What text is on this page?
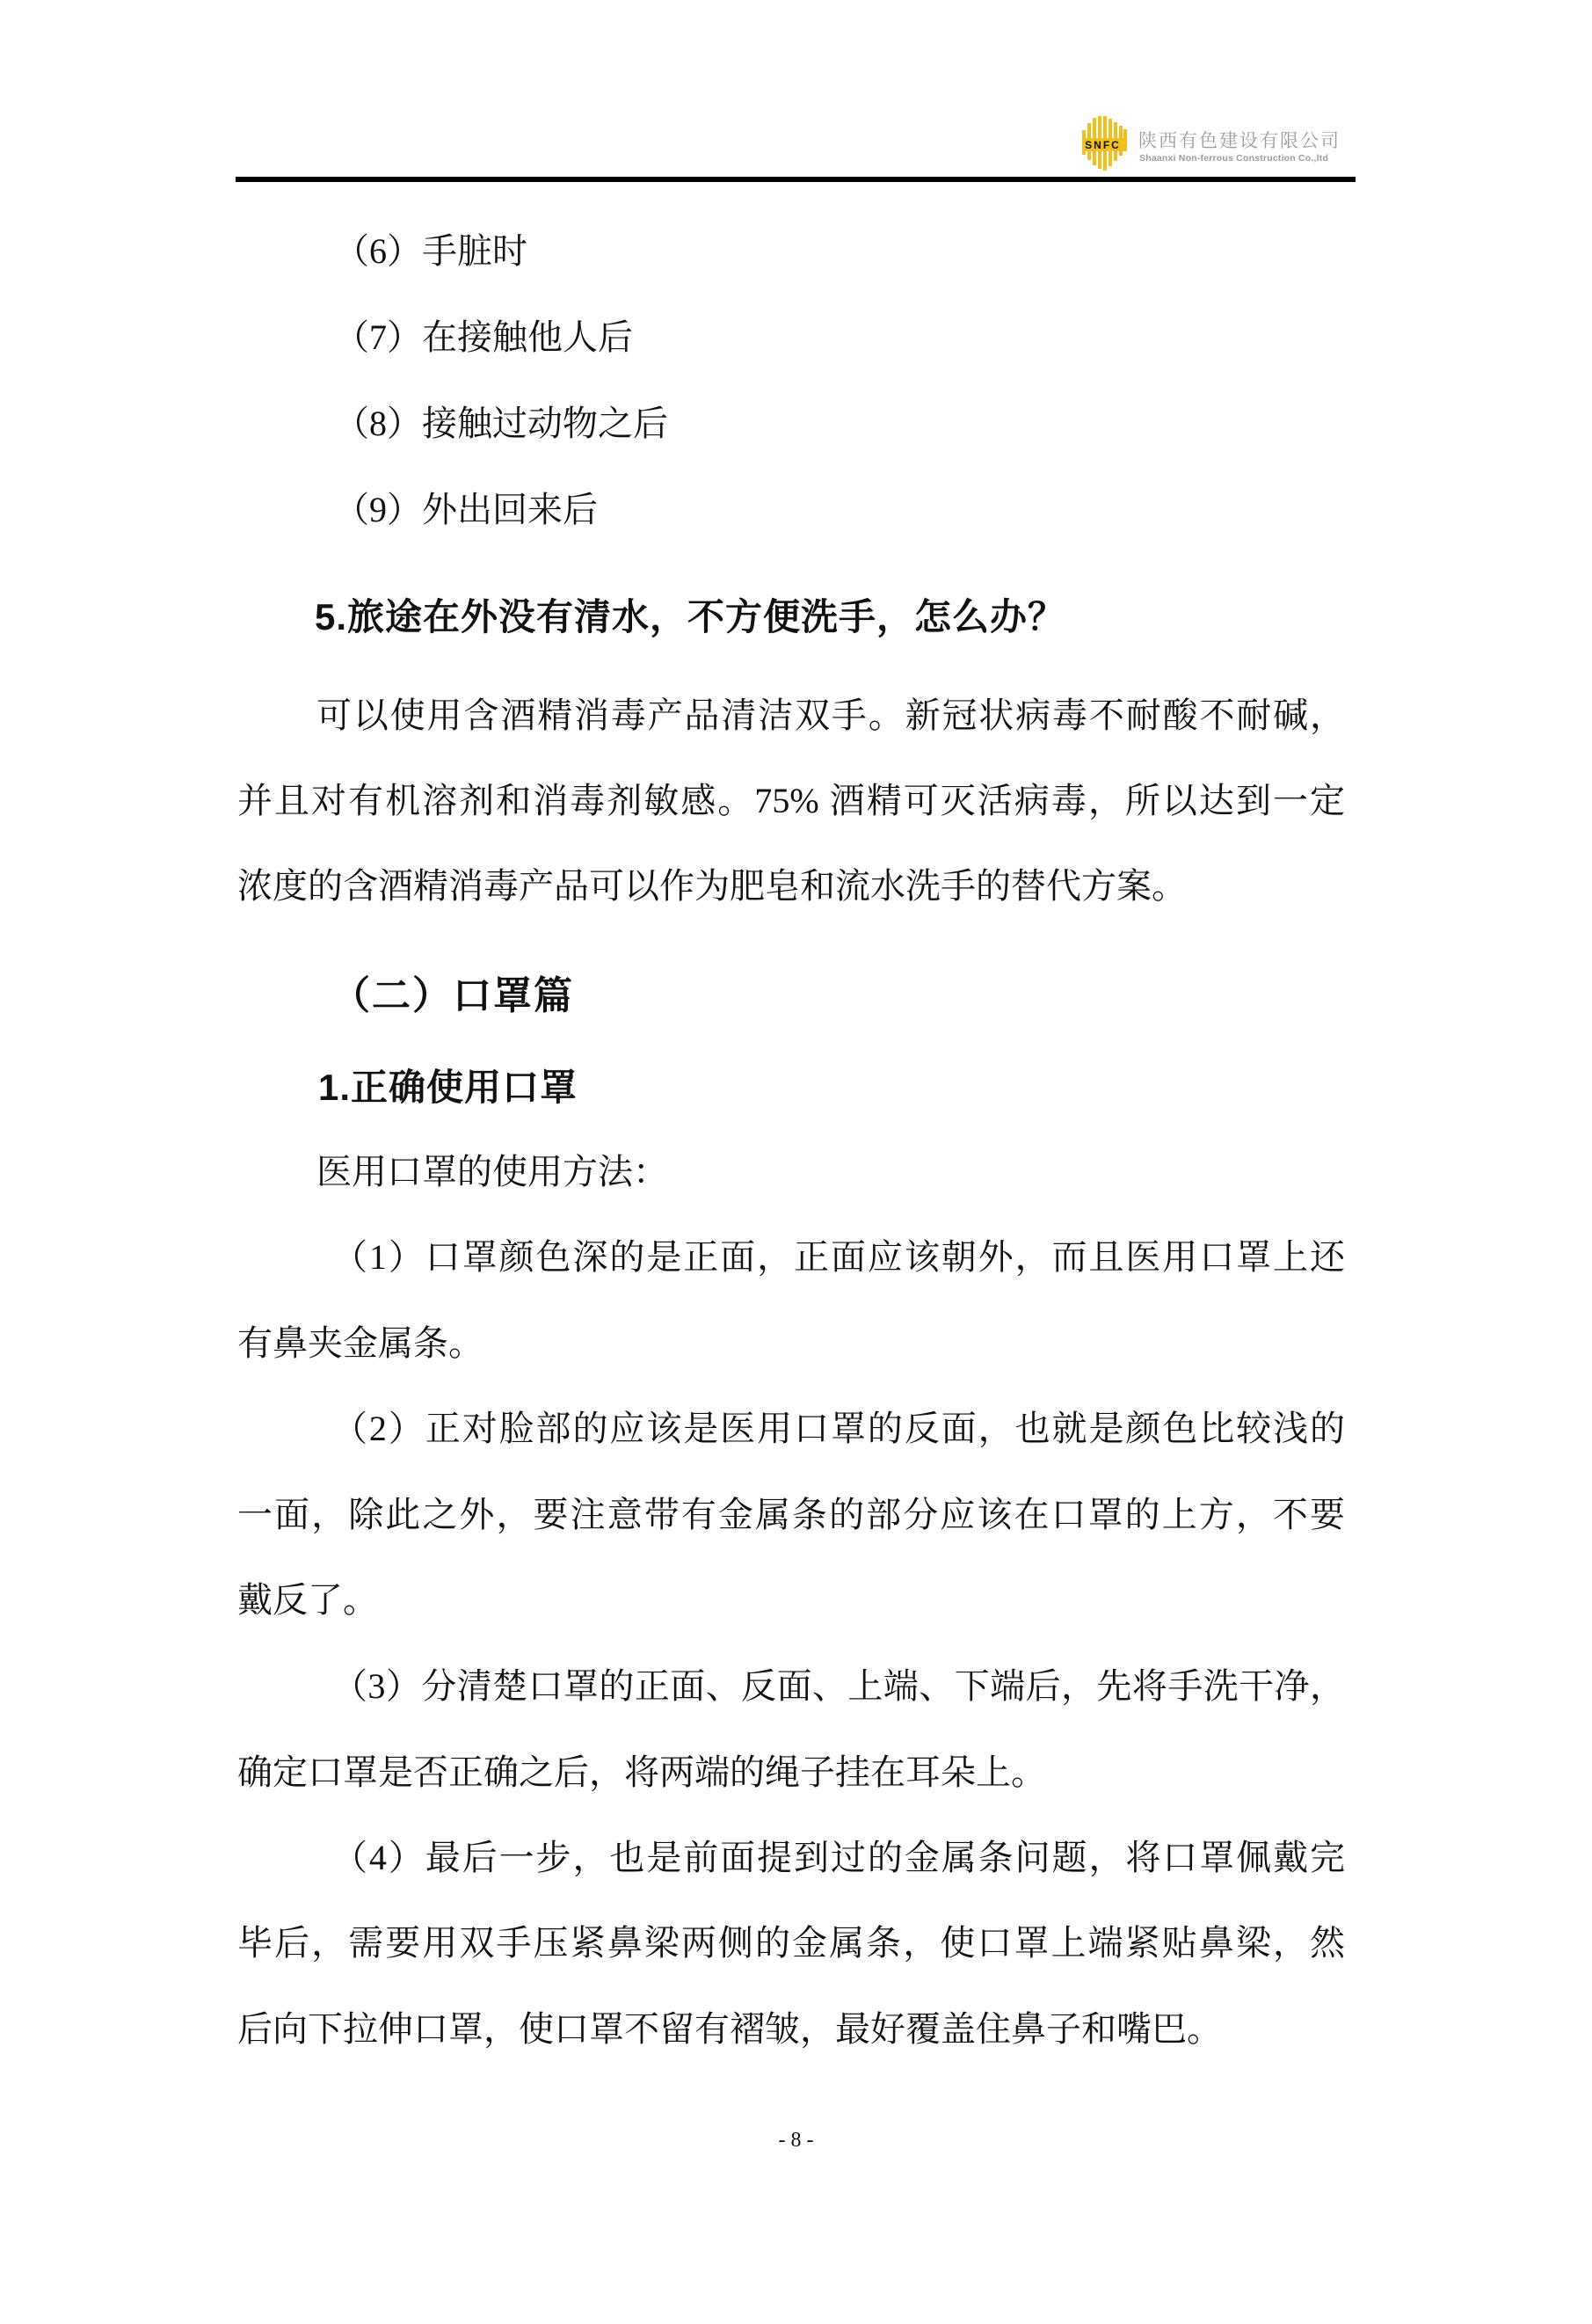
SNFC 陕西有色建设有限公司
Shaanxi Non-ferrous Construction Co.,ltd
（6）手脏时
（7）在接触他人后
（8）接触过动物之后
（9）外出回来后
5.旅途在外没有清水，不方便洗手，怎么办？
可以使用含酒精消毒产品清洁双手。新冠状病毒不耐酸不耐碱，
并且对有机溶剂和消毒剂敏感。75% 酒精可灭活病毒，所以达到一定
浓度的含酒精消毒产品可以作为肥皂和流水洗手的替代方案。
（二）口罩篇
1.正确使用口罩
医用口罩的使用方法：
（1）口罩颜色深的是正面，正面应该朝外，而且医用口罩上还
有鼻夹金属条。
（2）正对脸部的应该是医用口罩的反面，也就是颜色比较浅的
一面，除此之外，要注意带有金属条的部分应该在口罩的上方，不要
戴反了。
（3）分清楚口罩的正面、反面、上端、下端后，先将手洗干净，
确定口罩是否正确之后，将两端的绳子挂在耳朵上。
（4）最后一步，也是前面提到过的金属条问题，将口罩佩戴完
毕后，需要用双手压紧鼻梁两侧的金属条，使口罩上端紧贴鼻梁，然
后向下拉伸口罩，使口罩不留有褶皱，最好覆盖住鼻子和嘴巴。
- 8 -
